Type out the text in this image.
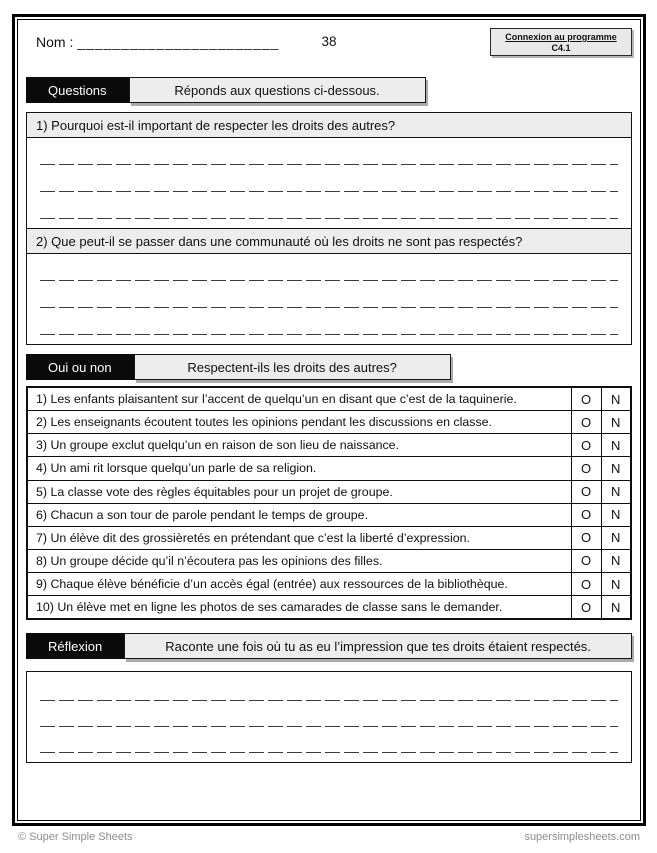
Nom : _______________________	38	Connexion au programme
C4.1
Questions	Réponds aux questions ci-dessous.
1) Pourquoi est-il important de respecter les droits des autres?
2) Que peut-il se passer dans une communauté où les droits ne sont pas respectés?
Oui ou non	Respectent-ils les droits des autres?
1) Les enfants plaisantent sur l’accent de quelqu’un en disant que c’est de la taquinerie.	O	N
2) Les enseignants écoutent toutes les opinions pendant les discussions en classe.	O	N
3) Un groupe exclut quelqu’un en raison de son lieu de naissance.	O	N
4) Un ami rit lorsque quelqu’un parle de sa religion.	O	N
5) La classe vote des règles équitables pour un projet de groupe.	O	N
6) Chacun a son tour de parole pendant le temps de groupe.	O	N
7) Un élève dit des grossièretés en prétendant que c’est la liberté d’expression.	O	N
8) Un groupe décide qu’il n’écoutera pas les opinions des filles.	O	N
9) Chaque élève bénéficie d’un accès égal (entrée) aux ressources de la bibliothèque.	O	N
10) Un élève met en ligne les photos de ses camarades de classe sans le demander.	O	N
Réflexion	Raconte une fois où tu as eu l’impression que tes droits étaient respectés.
© Super Simple Sheets	supersimplesheets.com
